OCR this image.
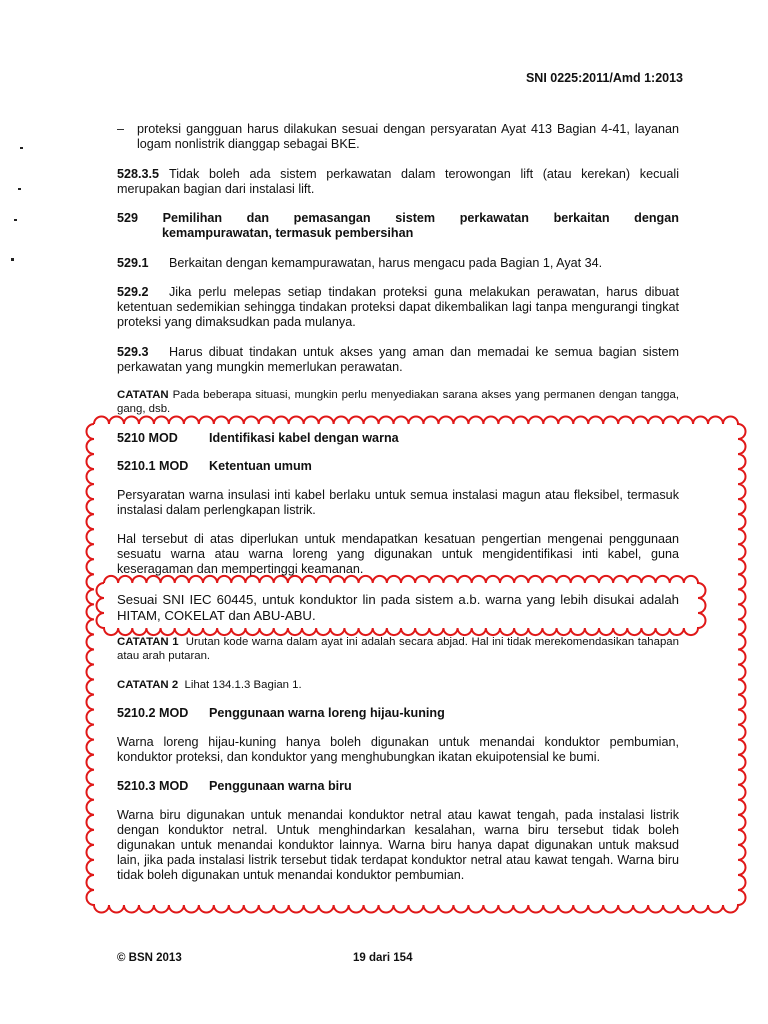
SNI 0225:2011/Amd 1:2013
– proteksi gangguan harus dilakukan sesuai dengan persyaratan Ayat 413 Bagian 4-41, layanan logam nonlistrik dianggap sebagai BKE.
528.3.5 Tidak boleh ada sistem perkawatan dalam terowongan lift (atau kerekan) kecuali merupakan bagian dari instalasi lift.
529 Pemilihan dan pemasangan sistem perkawatan berkaitan dengan
kemampurawatan, termasuk pembersihan
529.1 Berkaitan dengan kemampurawatan, harus mengacu pada Bagian 1, Ayat 34.
529.2 Jika perlu melepas setiap tindakan proteksi guna melakukan perawatan, harus dibuat ketentuan sedemikian sehingga tindakan proteksi dapat dikembalikan lagi tanpa mengurangi tingkat proteksi yang dimaksudkan pada mulanya.
529.3 Harus dibuat tindakan untuk akses yang aman dan memadai ke semua bagian sistem perkawatan yang mungkin memerlukan perawatan.
CATATAN Pada beberapa situasi, mungkin perlu menyediakan sarana akses yang permanen dengan tangga, gang, dsb.
5210 MOD Identifikasi kabel dengan warna
5210.1 MOD Ketentuan umum
Persyaratan warna insulasi inti kabel berlaku untuk semua instalasi magun atau fleksibel, termasuk instalasi dalam perlengkapan listrik.
Hal tersebut di atas diperlukan untuk mendapatkan kesatuan pengertian mengenai penggunaan sesuatu warna atau warna loreng yang digunakan untuk mengidentifikasi inti kabel, guna keseragaman dan mempertinggi keamanan.
Sesuai SNI IEC 60445, untuk konduktor lin pada sistem a.b. warna yang lebih disukai adalah HITAM, COKELAT dan ABU-ABU.
CATATAN 1 Urutan kode warna dalam ayat ini adalah secara abjad. Hal ini tidak merekomendasikan tahapan atau arah putaran.
CATATAN 2 Lihat 134.1.3 Bagian 1.
5210.2 MOD Penggunaan warna loreng hijau-kuning
Warna loreng hijau-kuning hanya boleh digunakan untuk menandai konduktor pembumian, konduktor proteksi, dan konduktor yang menghubungkan ikatan ekuipotensial ke bumi.
5210.3 MOD Penggunaan warna biru
Warna biru digunakan untuk menandai konduktor netral atau kawat tengah, pada instalasi listrik dengan konduktor netral. Untuk menghindarkan kesalahan, warna biru tersebut tidak boleh digunakan untuk menandai konduktor lainnya. Warna biru hanya dapat digunakan untuk maksud lain, jika pada instalasi listrik tersebut tidak terdapat konduktor netral atau kawat tengah. Warna biru tidak boleh digunakan untuk menandai konduktor pembumian.
© BSN 2013	19 dari 154
